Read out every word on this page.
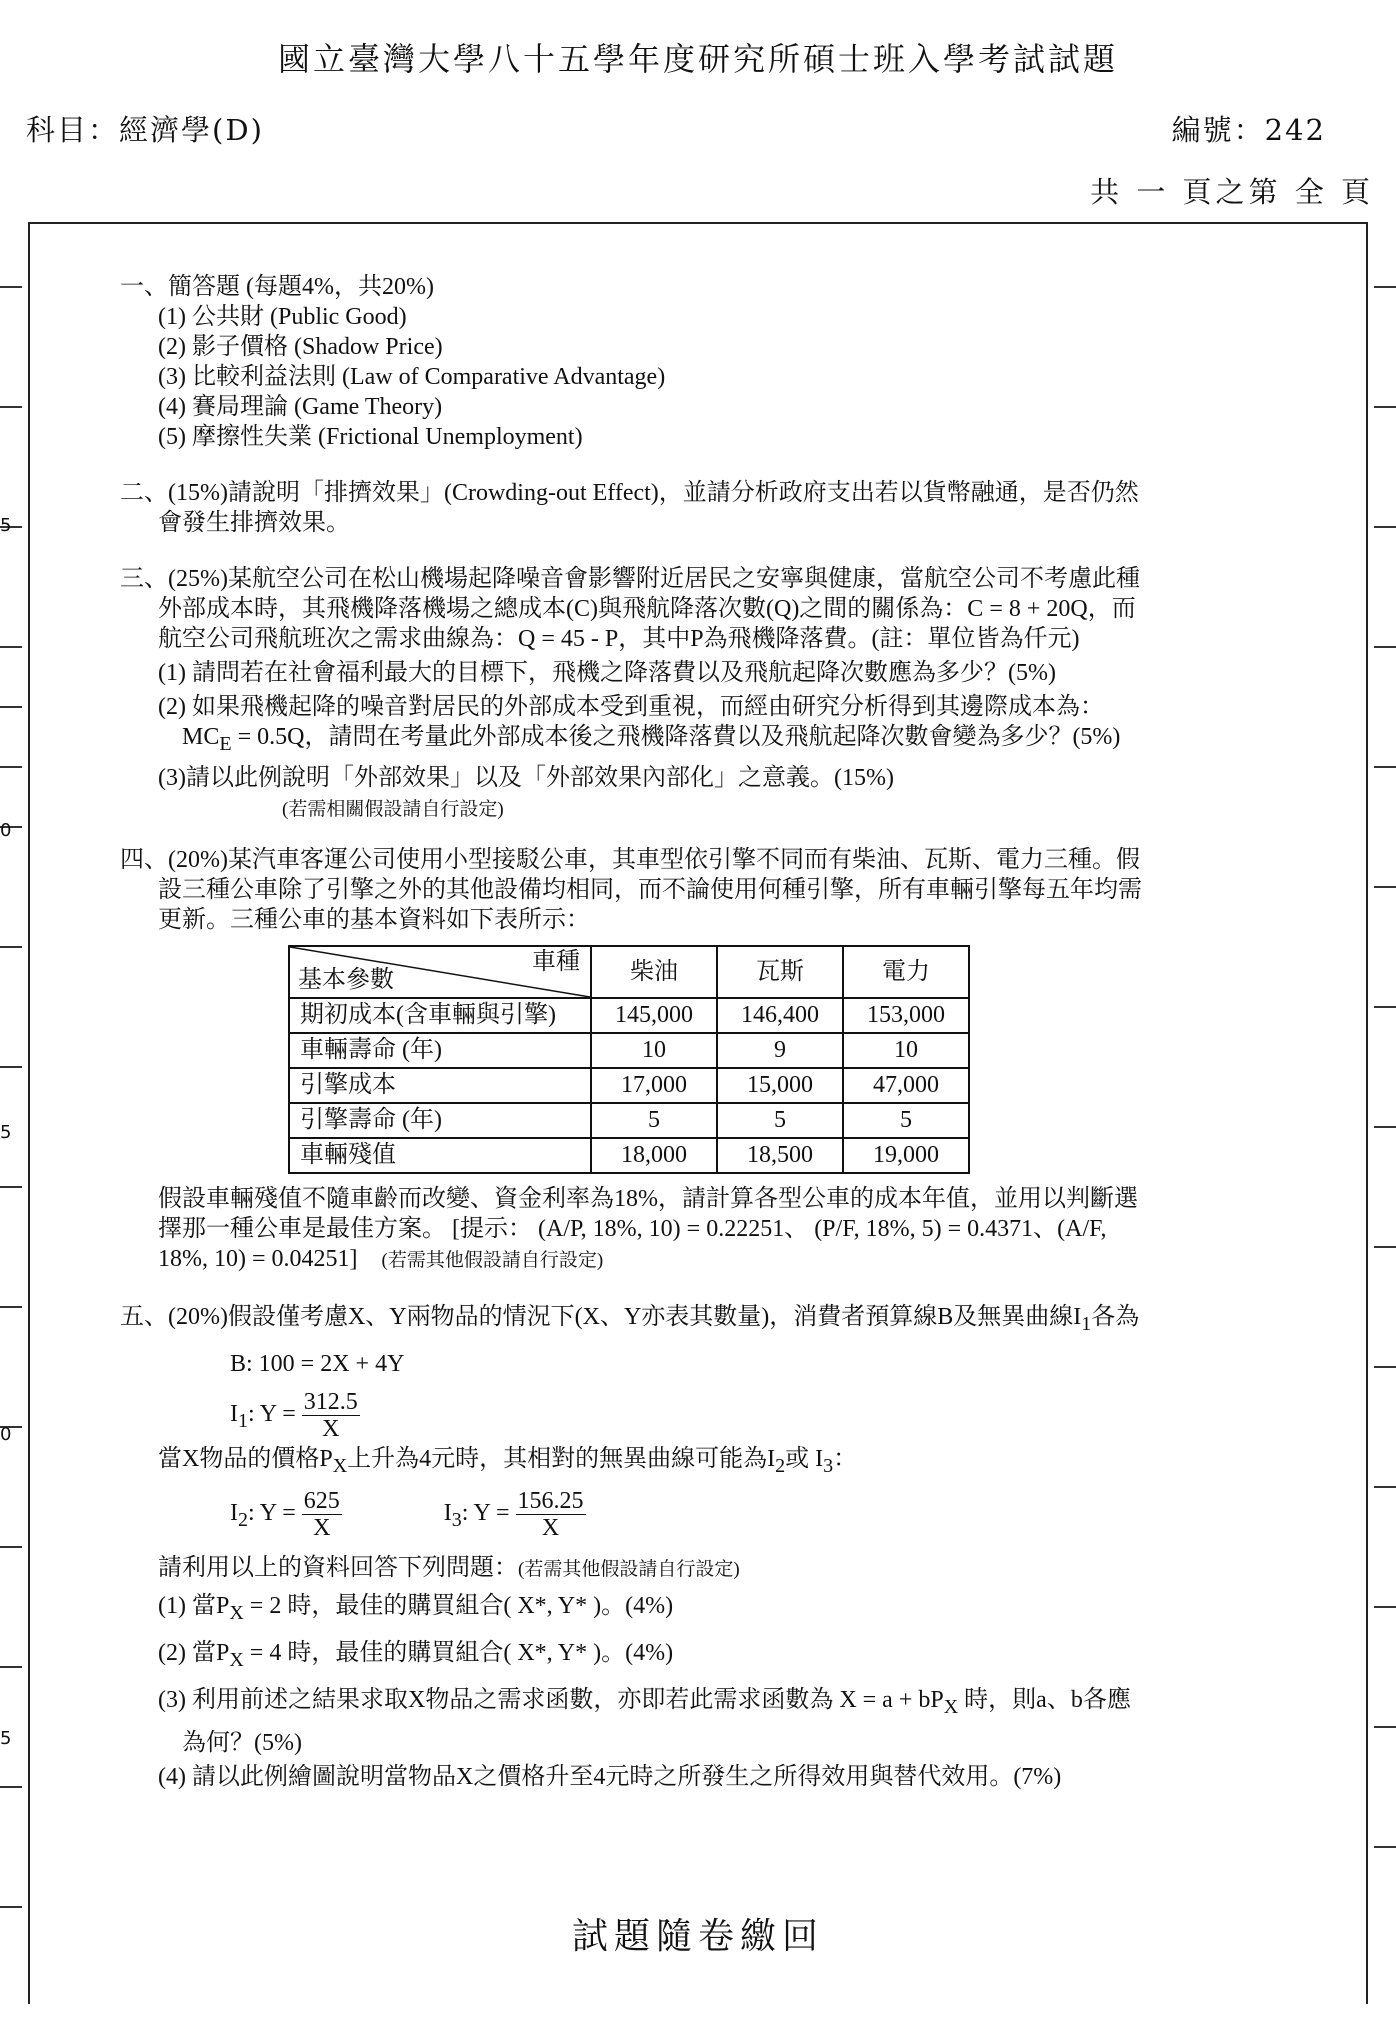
國立臺灣大學八十五學年度研究所碩士班入學考試試題
科目：經濟學(D)	編號：242
共 一 頁之第 全 頁
5
0
5
0
5
一、簡答題 (每題4%，共20%)
(1) 公共財 (Public Good)
(2) 影子價格 (Shadow Price)
(3) 比較利益法則 (Law of Comparative Advantage)
(4) 賽局理論 (Game Theory)
(5) 摩擦性失業 (Frictional Unemployment)
二、(15%)請說明「排擠效果」(Crowding-out Effect)，並請分析政府支出若以貨幣融通，是否仍然
會發生排擠效果。
三、(25%)某航空公司在松山機場起降噪音會影響附近居民之安寧與健康，當航空公司不考慮此種
外部成本時，其飛機降落機場之總成本(C)與飛航降落次數(Q)之間的關係為：C = 8 + 20Q，而
航空公司飛航班次之需求曲線為：Q = 45 - P，其中P為飛機降落費。(註：單位皆為仟元)
(1) 請問若在社會福利最大的目標下，飛機之降落費以及飛航起降次數應為多少？(5%)
(2) 如果飛機起降的噪音對居民的外部成本受到重視，而經由研究分析得到其邊際成本為：
$MC_E = 0.5Q$，請問在考量此外部成本後之飛機降落費以及飛航起降次數會變為多少？(5%)
(3)請以此例說明「外部效果」以及「外部效果內部化」之意義。(15%)
(若需相關假設請自行設定)
四、(20%)某汽車客運公司使用小型接駁公車，其車型依引擎不同而有柴油、瓦斯、電力三種。假
設三種公車除了引擎之外的其他設備均相同，而不論使用何種引擎，所有車輛引擎每五年均需
更新。三種公車的基本資料如下表所示：
車種
基本參數	柴油	瓦斯	電力
期初成本(含車輛與引擎)	145,000	146,400	153,000
車輛壽命 (年)	10	9	10
引擎成本	17,000	15,000	47,000
引擎壽命 (年)	5	5	5
車輛殘值	18,000	18,500	19,000
假設車輛殘值不隨車齡而改變、資金利率為18%，請計算各型公車的成本年值，並用以判斷選
擇那一種公車是最佳方案。 [提示： (A/P, 18%, 10) = 0.22251、 (P/F, 18%, 5) = 0.4371、(A/F,
18%, 10) = 0.04251] (若需其他假設請自行設定)
五、(20%)假設僅考慮X、Y兩物品的情況下(X、Y亦表其數量)，消費者預算線B及無異曲線$I_1$各為
B: 100 = 2X + 4Y
$I_1$: $Y = \frac{312.5}{X}$
當X物品的價格$P_X$上升為4元時，其相對的無異曲線可能為$I_2$或 $I_3$：
$I_2$: $Y = \frac{625}{X}$	$I_3$: $Y = \frac{156.25}{X}$
請利用以上的資料回答下列問題：(若需其他假設請自行設定)
(1) 當$P_X = 2$ 時，最佳的購買組合( X*, Y* )。(4%)
(2) 當$P_X = 4$ 時，最佳的購買組合( X*, Y* )。(4%)
(3) 利用前述之結果求取X物品之需求函數，亦即若此需求函數為 $X = a + bP_X$ 時，則a、b各應
為何？(5%)
(4) 請以此例繪圖說明當物品X之價格升至4元時之所發生之所得效用與替代效用。(7%)
試題隨卷繳回
